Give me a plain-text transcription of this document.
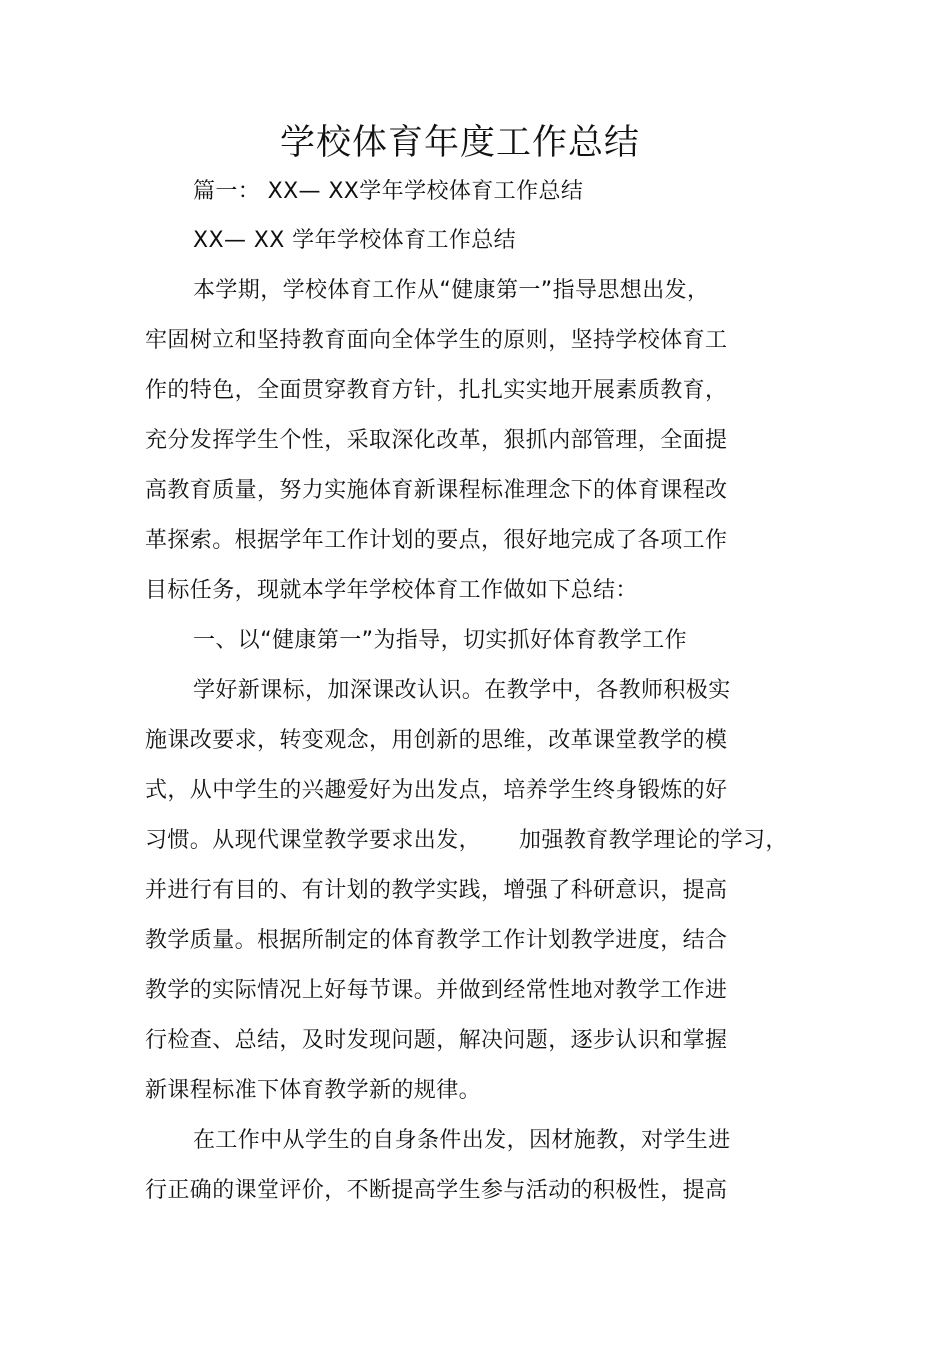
学校体育年度工作总结
篇一： XX— XX学年学校体育工作总结
XX— XX 学年学校体育工作总结
本学期，学校体育工作从“健康第一”指导思想出发，
牢固树立和坚持教育面向全体学生的原则，坚持学校体育工
作的特色，全面贯穿教育方针，扎扎实实地开展素质教育，
充分发挥学生个性，采取深化改革，狠抓内部管理，全面提
高教育质量，努力实施体育新课程标准理念下的体育课程改
革探索。根据学年工作计划的要点，很好地完成了各项工作
目标任务，现就本学年学校体育工作做如下总结：
一、以“健康第一”为指导，切实抓好体育教学工作
学好新课标，加深课改认识。在教学中，各教师积极实
施课改要求，转变观念，用创新的思维，改革课堂教学的模
式，从中学生的兴趣爱好为出发点，培养学生终身锻炼的好
习惯。从现代课堂教学要求出发， 加强教育教学理论的学习，
并进行有目的、有计划的教学实践，增强了科研意识，提高
教学质量。根据所制定的体育教学工作计划教学进度，结合
教学的实际情况上好每节课。并做到经常性地对教学工作进
行检查、总结，及时发现问题，解决问题，逐步认识和掌握
新课程标准下体育教学新的规律。
在工作中从学生的自身条件出发，因材施教，对学生进
行正确的课堂评价，不断提高学生参与活动的积极性，提高
